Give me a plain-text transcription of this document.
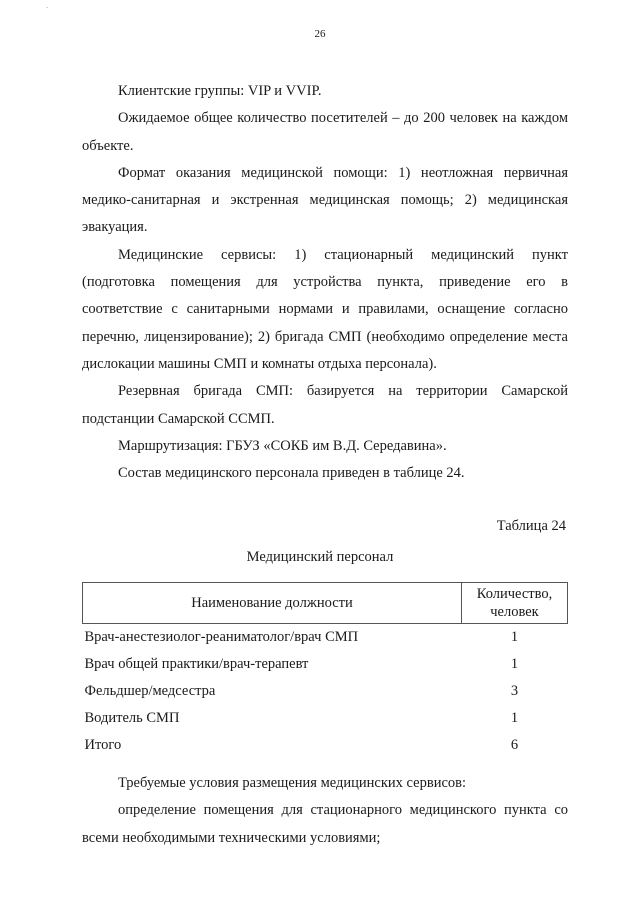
`
26

Клиентские группы: VIP и VVIP.

Ожидаемое общее количество посетителей – до 200 человек на каждом объекте.

Формат оказания медицинской помощи: 1) неотложная первичная медико-санитарная и экстренная медицинская помощь; 2) медицинская эвакуация.

Медицинские сервисы: 1) стационарный медицинский пункт (подготовка помещения для устройства пункта, приведение его в соответствие с санитарными нормами и правилами, оснащение согласно перечню, лицензирование); 2) бригада СМП (необходимо определение места дислокации машины СМП и комнаты отдыха персонала).

Резервная бригада СМП: базируется на территории Самарской подстанции Самарской ССМП.

Маршрутизация: ГБУЗ «СОКБ им В.Д. Середавина».

Состав медицинского персонала приведен в таблице 24.

Таблица 24
Медицинский персонал
Наименование должности	Количество, человек
Врач-анестезиолог-реаниматолог/врач СМП	1
Врач общей практики/врач-терапевт	1
Фельдшер/медсестра	3
Водитель СМП	1
Итого	6

Требуемые условия размещения медицинских сервисов:

определение помещения для стационарного медицинского пункта со всеми необходимыми техническими условиями;
